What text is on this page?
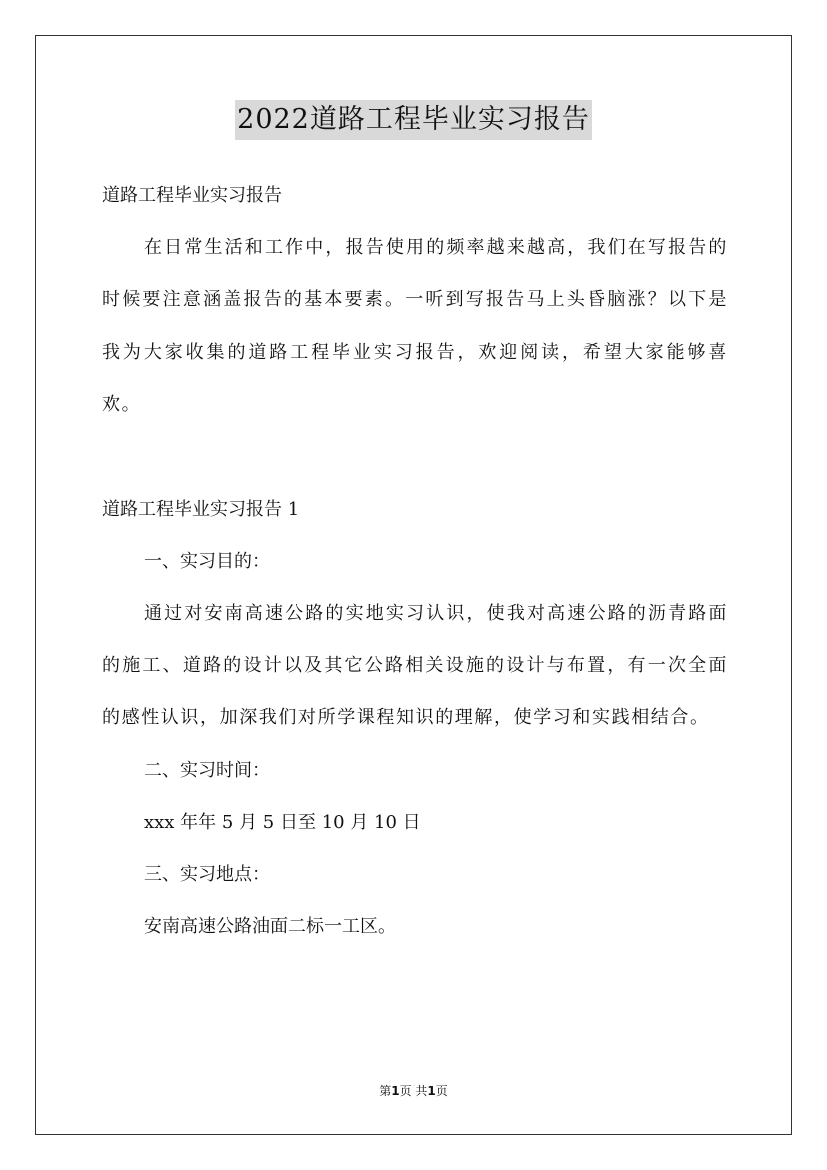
2022道路工程毕业实习报告

道路工程毕业实习报告

在日常生活和工作中，报告使用的频率越来越高，我们在写报告的时候要注意涵盖报告的基本要素。一听到写报告马上头昏脑涨？以下是我为大家收集的道路工程毕业实习报告，欢迎阅读，希望大家能够喜欢。

道路工程毕业实习报告 1

一、实习目的：

通过对安南高速公路的实地实习认识，使我对高速公路的沥青路面的施工、道路的设计以及其它公路相关设施的设计与布置，有一次全面的感性认识，加深我们对所学课程知识的理解，使学习和实践相结合。

二、实习时间：

xxx 年年 5 月 5 日至 10 月 10 日

三、实习地点：

安南高速公路油面二标一工区。

第1页 共1页
